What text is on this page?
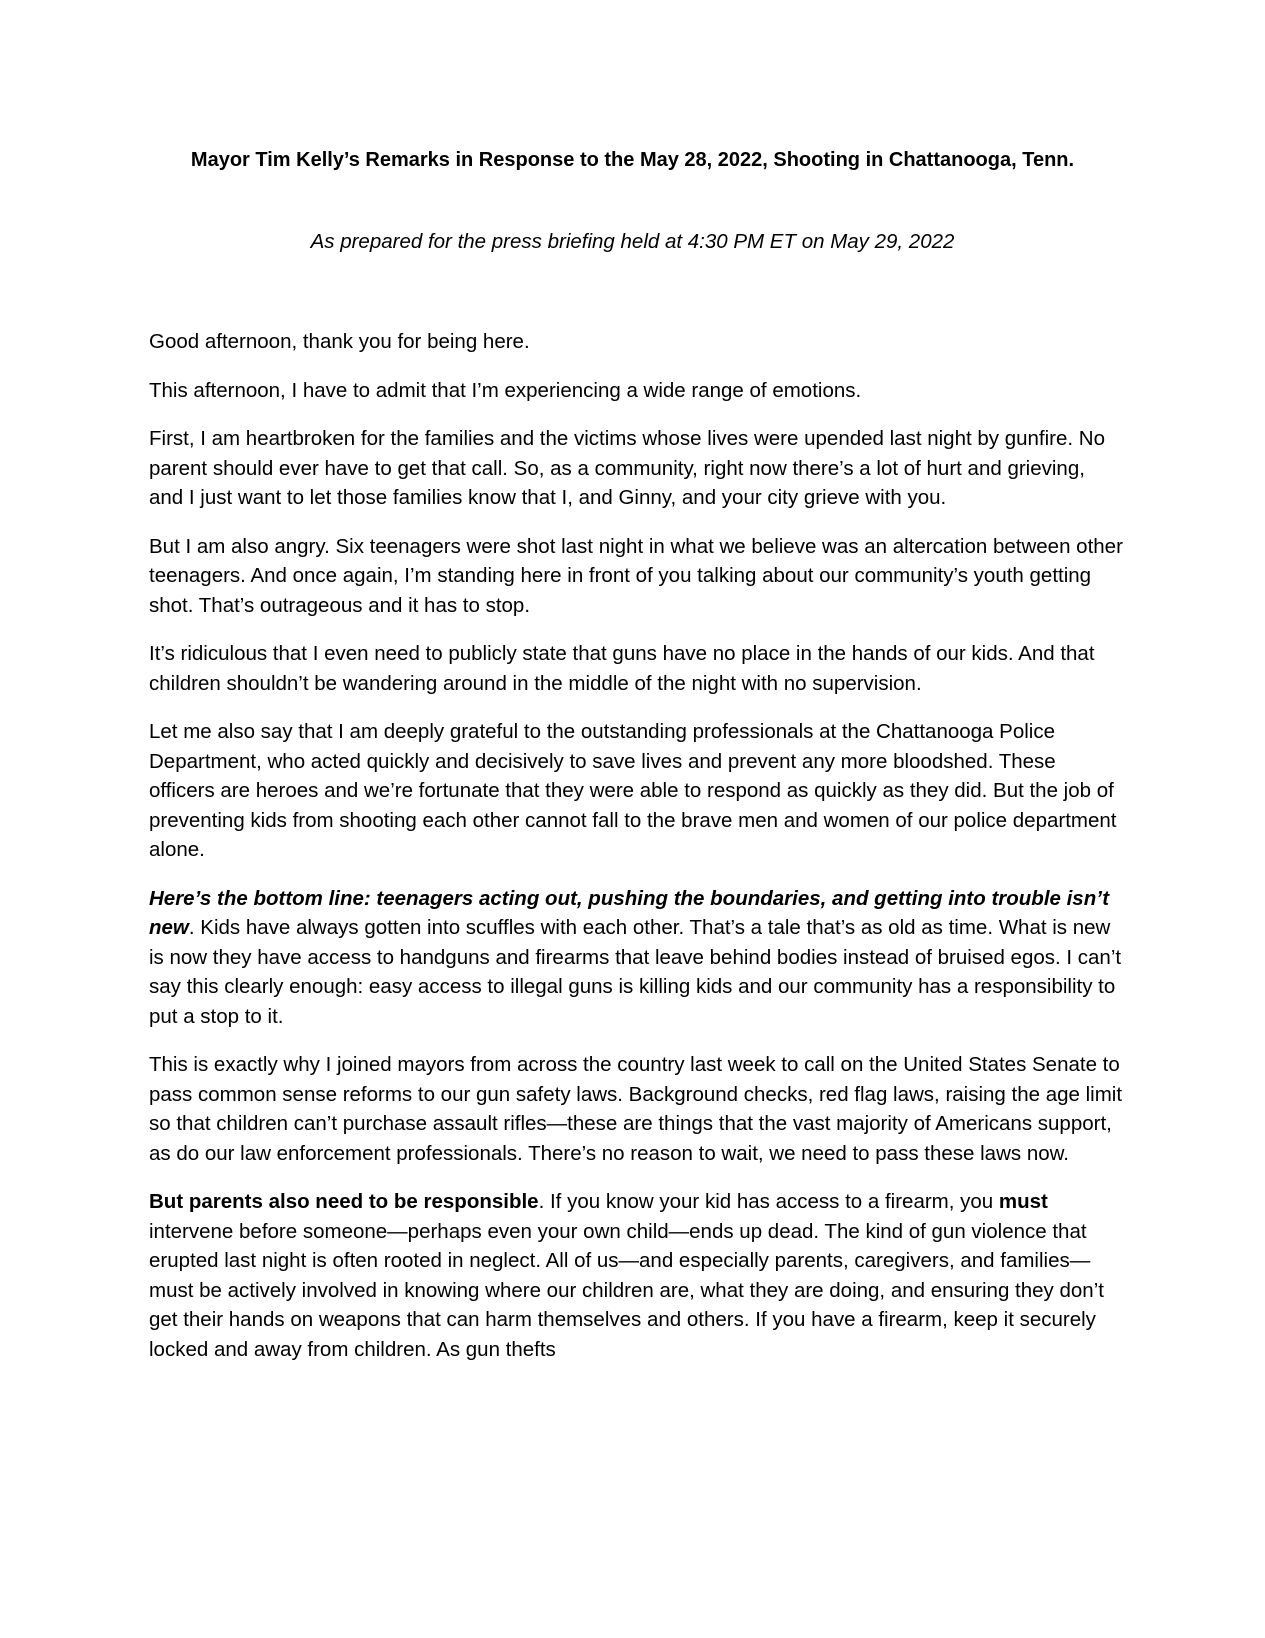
Mayor Tim Kelly’s Remarks in Response to the May 28, 2022, Shooting in Chattanooga, Tenn.
As prepared for the press briefing held at 4:30 PM ET on May 29, 2022

Good afternoon, thank you for being here.

This afternoon, I have to admit that I’m experiencing a wide range of emotions.

First, I am heartbroken for the families and the victims whose lives were upended last night by gunfire. No parent should ever have to get that call. So, as a community, right now there’s a lot of hurt and grieving, and I just want to let those families know that I, and Ginny, and your city grieve with you.

But I am also angry. Six teenagers were shot last night in what we believe was an altercation between other teenagers. And once again, I’m standing here in front of you talking about our community’s youth getting shot. That’s outrageous and it has to stop.

It’s ridiculous that I even need to publicly state that guns have no place in the hands of our kids. And that children shouldn’t be wandering around in the middle of the night with no supervision.

Let me also say that I am deeply grateful to the outstanding professionals at the Chattanooga Police Department, who acted quickly and decisively to save lives and prevent any more bloodshed. These officers are heroes and we’re fortunate that they were able to respond as quickly as they did. But the job of preventing kids from shooting each other cannot fall to the brave men and women of our police department alone.

Here’s the bottom line: teenagers acting out, pushing the boundaries, and getting into trouble isn’t new. Kids have always gotten into scuffles with each other. That’s a tale that’s as old as time. What is new is now they have access to handguns and firearms that leave behind bodies instead of bruised egos. I can’t say this clearly enough: easy access to illegal guns is killing kids and our community has a responsibility to put a stop to it.

This is exactly why I joined mayors from across the country last week to call on the United States Senate to pass common sense reforms to our gun safety laws. Background checks, red flag laws, raising the age limit so that children can’t purchase assault rifles—these are things that the vast majority of Americans support, as do our law enforcement professionals. There’s no reason to wait, we need to pass these laws now.

But parents also need to be responsible. If you know your kid has access to a firearm, you must intervene before someone—perhaps even your own child—ends up dead. The kind of gun violence that erupted last night is often rooted in neglect. All of us—and especially parents, caregivers, and families—must be actively involved in knowing where our children are, what they are doing, and ensuring they don’t get their hands on weapons that can harm themselves and others. If you have a firearm, keep it securely locked and away from children. As gun thefts
